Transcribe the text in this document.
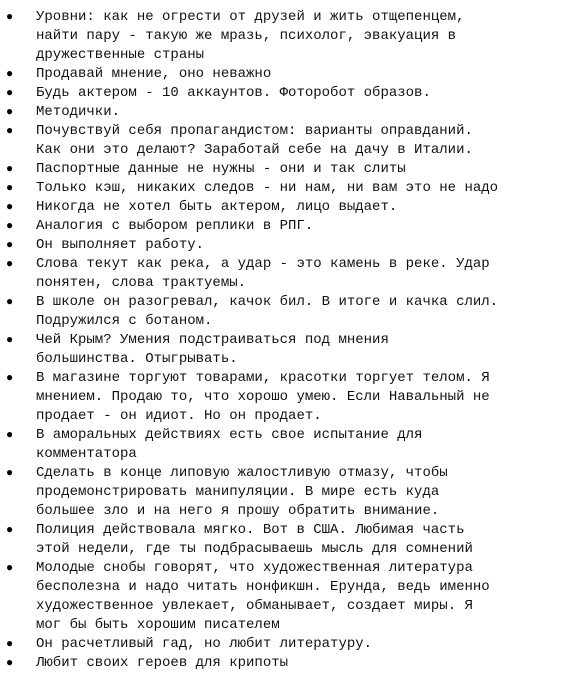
● Уровни: как не огрести от друзей и жить отщепенцем,
найти пару - такую же мразь, психолог, эвакуация в
дружественные страны
● Продавай мнение, оно неважно
● Будь актером - 10 аккаунтов. Фоторобот образов.
● Методички.
● Почувствуй себя пропагандистом: варианты оправданий.
Как они это делают? Заработай себе на дачу в Италии.
● Паспортные данные не нужны - они и так слиты
● Только кэш, никаких следов - ни нам, ни вам это не надо
● Никогда не хотел быть актером, лицо выдает.
● Аналогия с выбором реплики в РПГ.
● Он выполняет работу.
● Слова текут как река, а удар - это камень в реке. Удар
понятен, слова трактуемы.
● В школе он разогревал, качок бил. В итоге и качка слил.
Подружился с ботаном.
● Чей Крым? Умения подстраиваться под мнения
большинства. Отыгрывать.
● В магазине торгуют товарами, красотки торгует телом. Я
мнением. Продаю то, что хорошо умею. Если Навальный не
продает - он идиот. Но он продает.
● В аморальных действиях есть свое испытание для
комментатора
● Сделать в конце липовую жалостливую отмазу, чтобы
продемонстрировать манипуляции. В мире есть куда
большее зло и на него я прошу обратить внимание.
● Полиция действовала мягко. Вот в США. Любимая часть
этой недели, где ты подбрасываешь мысль для сомнений
● Молодые снобы говорят, что художественная литература
бесполезна и надо читать нонфикшн. Ерунда, ведь именно
художественное увлекает, обманывает, создает миры. Я
мог бы быть хорошим писателем
● Он расчетливый гад, но любит литературу.
● Любит своих героев для крипоты
